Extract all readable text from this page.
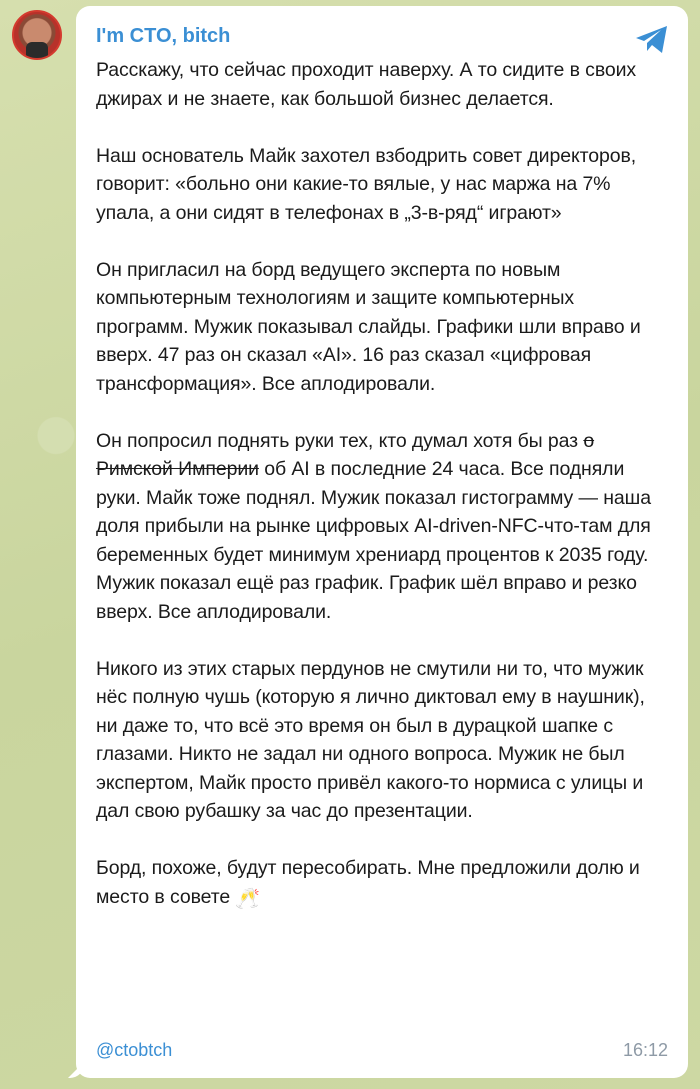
I'm CTO, bitch
Расскажу, что сейчас проходит наверху. А то сидите в своих джирах и не знаете, как большой бизнес делается.
Наш основатель Майк захотел взбодрить совет директоров, говорит: «больно они какие-то вялые, у нас маржа на 7% упала, а они сидят в телефонах в „3-в-ряд“ играют»
Он пригласил на борд ведущего эксперта по новым компьютерным технологиям и защите компьютерных программ. Мужик показывал слайды. Графики шли вправо и вверх. 47 раз он сказал «AI». 16 раз сказал «цифровая трансформация». Все аплодировали.
Он попросил поднять руки тех, кто думал хотя бы раз о Римской Империи об AI в последние 24 часа. Все подняли руки. Майк тоже поднял. Мужик показал гистограмму — наша доля прибыли на рынке цифровых AI-driven-NFC-что-там для беременных будет минимум хрениард процентов к 2035 году. Мужик показал ещё раз график. График шёл вправо и резко вверх. Все аплодировали.
Никого из этих старых пердунов не смутили ни то, что мужик нёс полную чушь (которую я лично диктовал ему в наушник), ни даже то, что всё это время он был в дурацкой шапке с глазами. Никто не задал ни одного вопроса. Мужик не был экспертом, Майк просто привёл какого-то нормиса с улицы и дал свою рубашку за час до презентации.
Борд, похоже, будут пересобирать. Мне предложили долю и место в совете 🥂
@ctobtch	16:12
